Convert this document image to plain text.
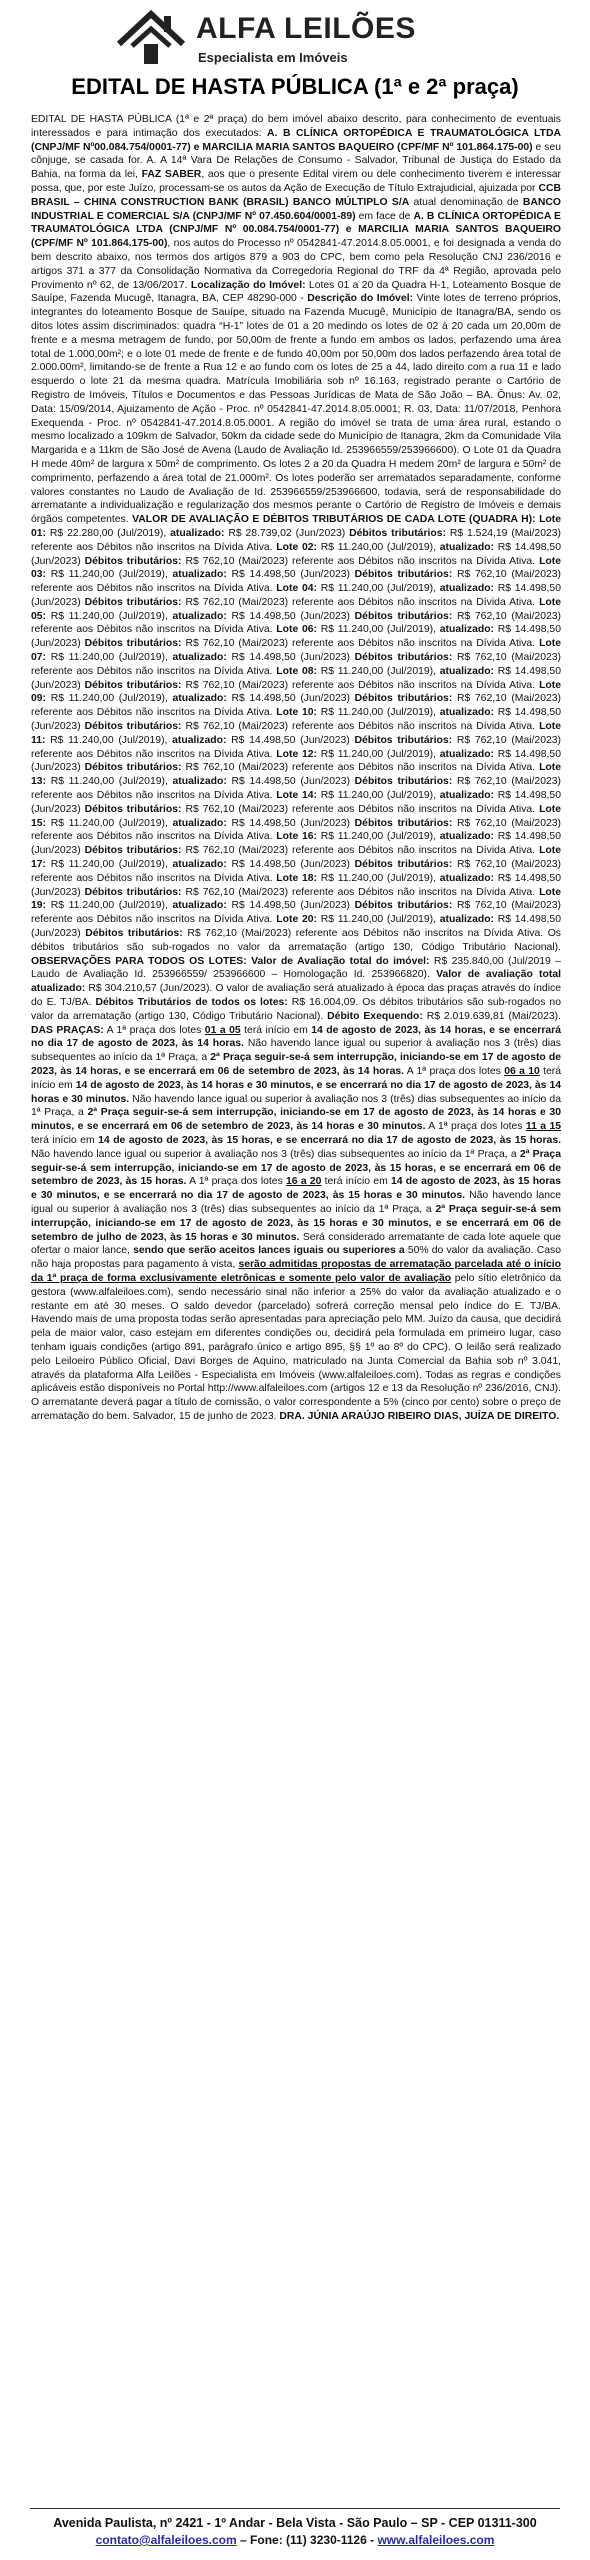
ALFA LEILÕES
Especialista em Imóveis
EDITAL DE HASTA PÚBLICA (1ª e 2ª praça)

EDITAL DE HASTA PÚBLICA (1ª e 2ª praça) do bem imóvel abaixo descrito, para conhecimento de eventuais interessados e para intimação dos executados: A. B CLÍNICA ORTOPÉDICA E TRAUMATOLÓGICA LTDA (CNPJ/MF Nº00.084.754/0001-77) e MARCILIA MARIA SANTOS BAQUEIRO (CPF/MF Nº 101.864.175-00) e seu cônjuge, se casada for. A. A 14ª Vara De Relações de Consumo - Salvador, Tribunal de Justiça do Estado da Bahia, na forma da lei, FAZ SABER, aos que o presente Edital virem ou dele conhecimento tiverem e interessar possa, que, por este Juízo, processam-se os autos da Ação de Execução de Título Extrajudicial, ajuizada por CCB BRASIL – CHINA CONSTRUCTION BANK (BRASIL) BANCO MÚLTIPLO S/A atual denominação de BANCO INDUSTRIAL E COMERCIAL S/A (CNPJ/MF Nº 07.450.604/0001-89) em face de A. B CLÍNICA ORTOPÉDICA E TRAUMATOLÓGICA LTDA (CNPJ/MF Nº 00.084.754/0001-77) e MARCILIA MARIA SANTOS BAQUEIRO (CPF/MF Nº 101.864.175-00), nos autos do Processo nº 0542841-47.2014.8.05.0001, e foi designada a venda do bem descrito abaixo, nos termos dos artigos 879 a 903 do CPC, bem como pela Resolução CNJ 236/2016 e artigos 371 a 377 da Consolidação Normativa da Corregedoria Regional do TRF da 4ª Região, aprovada pelo Provimento nº 62, de 13/06/2017. Localização do Imóvel: Lotes 01 a 20 da Quadra H-1, Loteamento Bosque de Sauípe, Fazenda Mucugê, Itanagra, BA, CEP 48290-000 - Descrição do Imóvel: Vinte lotes de terreno próprios, integrantes do loteamento Bosque de Sauípe, situado na Fazenda Mucugê, Município de Itanagra/BA, sendo os ditos lotes assim discriminados: quadra “H-1” lotes de 01 a 20 medindo os lotes de 02 à 20 cada um 20,00m de frente e a mesma metragem de fundo, por 50,00m de frente a fundo em ambos os lados, perfazendo uma área total de 1.000,00m²; e o lote 01 mede de frente e de fundo 40,00m por 50,00m dos lados perfazendo área total de 2.000.00m², limitando-se de frente a Rua 12 e ao fundo com os lotes de 25 a 44, lado direito com a rua 11 e lado esquerdo o lote 21 da mesma quadra. Matrícula Imobiliária sob nº 16.163, registrado perante o Cartório de Registro de Imóveis, Títulos e Documentos e das Pessoas Jurídicas de Mata de São João – BA. Ônus: Av. 02, Data: 15/09/2014, Ajuizamento de Ação - Proc. nº 0542841-47.2014.8.05.0001; R. 03, Data: 11/07/2018, Penhora Exequenda - Proc. nº 0542841-47.2014.8.05.0001. A região do imóvel se trata de uma área rural, estando o mesmo localizado a 109km de Salvador, 50km da cidade sede do Município de Itanagra, 2km da Comunidade Vila Margarida e a 11km de São José de Avena (Laudo de Avaliação Id. 253966559/253966600). O Lote 01 da Quadra H mede 40m² de largura x 50m² de comprimento. Os lotes 2 a 20 da Quadra H medem 20m² de largura e 50m² de comprimento, perfazendo a área total de 21.000m². Os lotes poderão ser arrematados separadamente, conforme valores constantes no Laudo de Avaliação de Id. 253966559/253966600, todavia, será de responsabilidade do arrematante a individualização e regularização dos mesmos perante o Cartório de Registro de Imóveis e demais órgãos competentes. VALOR DE AVALIAÇÃO E DÉBITOS TRIBUTÁRIOS DE CADA LOTE (QUADRA H): Lote 01: R$ 22.280,00 (Jul/2019), atualizado: R$ 28.739,02 (Jun/2023) Débitos tributários: R$ 1.524,19 (Mai/2023) referente aos Débitos não inscritos na Dívida Ativa. Lote 02: R$ 11.240,00 (Jul/2019), atualizado: R$ 14.498,50 (Jun/2023) Débitos tributários: R$ 762,10 (Mai/2023) referente aos Débitos não inscritos na Dívida Ativa. Lote 03: R$ 11.240,00 (Jul/2019), atualizado: R$ 14.498,50 (Jun/2023) Débitos tributários: R$ 762,10 (Mai/2023) referente aos Débitos não inscritos na Dívida Ativa. Lote 04: R$ 11.240,00 (Jul/2019), atualizado: R$ 14.498,50 (Jun/2023) Débitos tributários: R$ 762,10 (Mai/2023) referente aos Débitos não inscritos na Dívida Ativa. Lote 05: R$ 11.240,00 (Jul/2019), atualizado: R$ 14.498,50 (Jun/2023) Débitos tributários: R$ 762,10 (Mai/2023) referente aos Débitos não inscritos na Dívida Ativa. Lote 06: R$ 11.240,00 (Jul/2019), atualizado: R$ 14.498,50 (Jun/2023) Débitos tributários: R$ 762,10 (Mai/2023) referente aos Débitos não inscritos na Dívida Ativa. Lote 07: R$ 11.240,00 (Jul/2019), atualizado: R$ 14.498,50 (Jun/2023) Débitos tributários: R$ 762,10 (Mai/2023) referente aos Débitos não inscritos na Dívida Ativa. Lote 08: R$ 11.240,00 (Jul/2019), atualizado: R$ 14.498,50 (Jun/2023) Débitos tributários: R$ 762,10 (Mai/2023) referente aos Débitos não inscritos na Dívida Ativa. Lote 09: R$ 11.240,00 (Jul/2019), atualizado: R$ 14.498,50 (Jun/2023) Débitos tributários: R$ 762,10 (Mai/2023) referente aos Débitos não inscritos na Dívida Ativa. Lote 10: R$ 11.240,00 (Jul/2019), atualizado: R$ 14.498,50 (Jun/2023) Débitos tributários: R$ 762,10 (Mai/2023) referente aos Débitos não inscritos na Dívida Ativa. Lote 11: R$ 11.240,00 (Jul/2019), atualizado: R$ 14.498,50 (Jun/2023) Débitos tributários: R$ 762,10 (Mai/2023) referente aos Débitos não inscritos na Dívida Ativa. Lote 12: R$ 11.240,00 (Jul/2019), atualizado: R$ 14.498,50 (Jun/2023) Débitos tributários: R$ 762,10 (Mai/2023) referente aos Débitos não inscritos na Dívida Ativa. Lote 13: R$ 11.240,00 (Jul/2019), atualizado: R$ 14.498,50 (Jun/2023) Débitos tributários: R$ 762,10 (Mai/2023) referente aos Débitos não inscritos na Dívida Ativa. Lote 14: R$ 11.240,00 (Jul/2019), atualizado: R$ 14.498,50 (Jun/2023) Débitos tributários: R$ 762,10 (Mai/2023) referente aos Débitos não inscritos na Dívida Ativa. Lote 15: R$ 11.240,00 (Jul/2019), atualizado: R$ 14.498,50 (Jun/2023) Débitos tributários: R$ 762,10 (Mai/2023) referente aos Débitos não inscritos na Dívida Ativa. Lote 16: R$ 11.240,00 (Jul/2019), atualizado: R$ 14.498,50 (Jun/2023) Débitos tributários: R$ 762,10 (Mai/2023) referente aos Débitos não inscritos na Dívida Ativa. Lote 17: R$ 11.240,00 (Jul/2019), atualizado: R$ 14.498,50 (Jun/2023) Débitos tributários: R$ 762,10 (Mai/2023) referente aos Débitos não inscritos na Dívida Ativa. Lote 18: R$ 11.240,00 (Jul/2019), atualizado: R$ 14.498,50 (Jun/2023) Débitos tributários: R$ 762,10 (Mai/2023) referente aos Débitos não inscritos na Dívida Ativa. Lote 19: R$ 11.240,00 (Jul/2019), atualizado: R$ 14.498,50 (Jun/2023) Débitos tributários: R$ 762,10 (Mai/2023) referente aos Débitos não inscritos na Dívida Ativa. Lote 20: R$ 11.240,00 (Jul/2019), atualizado: R$ 14.498,50 (Jun/2023) Débitos tributários: R$ 762,10 (Mai/2023) referente aos Débitos não inscritos na Dívida Ativa. Os débitos tributários são sub-rogados no valor da arrematação (artigo 130, Código Tributário Nacional). OBSERVAÇÕES PARA TODOS OS LOTES: Valor de Avaliação total do imóvel: R$ 235.840,00 (Jul/2019 – Laudo de Avaliação Id. 253966559/ 253966600 – Homologação Id. 253966820). Valor de avaliação total atualizado: R$ 304.210,57 (Jun/2023). O valor de avaliação será atualizado à época das praças através do índice do E. TJ/BA. Débitos Tributários de todos os lotes: R$ 16.004,09. Os débitos tributários são sub-rogados no valor da arrematação (artigo 130, Código Tributário Nacional). Débito Exequendo: R$ 2.019.639,81 (Mai/2023). DAS PRAÇAS: A 1ª praça dos lotes 01 a 05 terá início em 14 de agosto de 2023, às 14 horas, e se encerrará no dia 17 de agosto de 2023, às 14 horas. Não havendo lance igual ou superior à avaliação nos 3 (três) dias subsequentes ao início da 1ª Praça, a 2ª Praça seguir-se-á sem interrupção, iniciando-se em 17 de agosto de 2023, às 14 horas, e se encerrará em 06 de setembro de 2023, às 14 horas. A 1ª praça dos lotes 06 a 10 terá início em 14 de agosto de 2023, às 14 horas e 30 minutos, e se encerrará no dia 17 de agosto de 2023, às 14 horas e 30 minutos. Não havendo lance igual ou superior à avaliação nos 3 (três) dias subsequentes ao início da 1ª Praça, a 2ª Praça seguir-se-á sem interrupção, iniciando-se em 17 de agosto de 2023, às 14 horas e 30 minutos, e se encerrará em 06 de setembro de 2023, às 14 horas e 30 minutos. A 1ª praça dos lotes 11 a 15 terá início em 14 de agosto de 2023, às 15 horas, e se encerrará no dia 17 de agosto de 2023, às 15 horas. Não havendo lance igual ou superior à avaliação nos 3 (três) dias subsequentes ao início da 1ª Praça, a 2ª Praça seguir-se-á sem interrupção, iniciando-se em 17 de agosto de 2023, às 15 horas, e se encerrará em 06 de setembro de 2023, às 15 horas. A 1ª praça dos lotes 16 a 20 terá início em 14 de agosto de 2023, às 15 horas e 30 minutos, e se encerrará no dia 17 de agosto de 2023, às 15 horas e 30 minutos. Não havendo lance igual ou superior à avaliação nos 3 (três) dias subsequentes ao início da 1ª Praça, a 2ª Praça seguir-se-á sem interrupção, iniciando-se em 17 de agosto de 2023, às 15 horas e 30 minutos, e se encerrará em 06 de setembro de julho de 2023, às 15 horas e 30 minutos. Será considerado arrematante de cada lote aquele que ofertar o maior lance, sendo que serão aceitos lances iguais ou superiores a 50% do valor da avaliação. Caso não haja propostas para pagamento à vista, serão admitidas propostas de arrematação parcelada até o início da 1ª praça de forma exclusivamente eletrônicas e somente pelo valor de avaliação pelo sítio eletrônico da gestora (www.alfaleiloes.com), sendo necessário sinal não inferior a 25% do valor da avaliação atualizado e o restante em até 30 meses. O saldo devedor (parcelado) sofrerá correção mensal pelo índice do E. TJ/BA. Havendo mais de uma proposta todas serão apresentadas para apreciação pelo MM. Juízo da causa, que decidirá pela de maior valor, caso estejam em diferentes condições ou, decidirá pela formulada em primeiro lugar, caso tenham iguais condições (artigo 891, parágrafo único e artigo 895, §§ 1º ao 8º do CPC). O leilão será realizado pelo Leiloeiro Público Oficial, Davi Borges de Aquino, matriculado na Junta Comercial da Bahia sob nº 3.041, através da plataforma Alfa Leilões - Especialista em Imóveis (www.alfaleiloes.com). Todas as regras e condições aplicáveis estão disponíveis no Portal http://www.alfaleiloes.com (artigos 12 e 13 da Resolução nº 236/2016, CNJ). O arrematante deverá pagar a título de comissão, o valor correspondente a 5% (cinco por cento) sobre o preço de arrematação do bem. Salvador, 15 de junho de 2023. DRA. JÚNIA ARAÚJO RIBEIRO DIAS, JUÍZA DE DIREITO.

Avenida Paulista, nº 2421 - 1º Andar - Bela Vista - São Paulo – SP - CEP 01311-300
contato@alfaleiloes.com – Fone: (11) 3230-1126 - www.alfaleiloes.com
